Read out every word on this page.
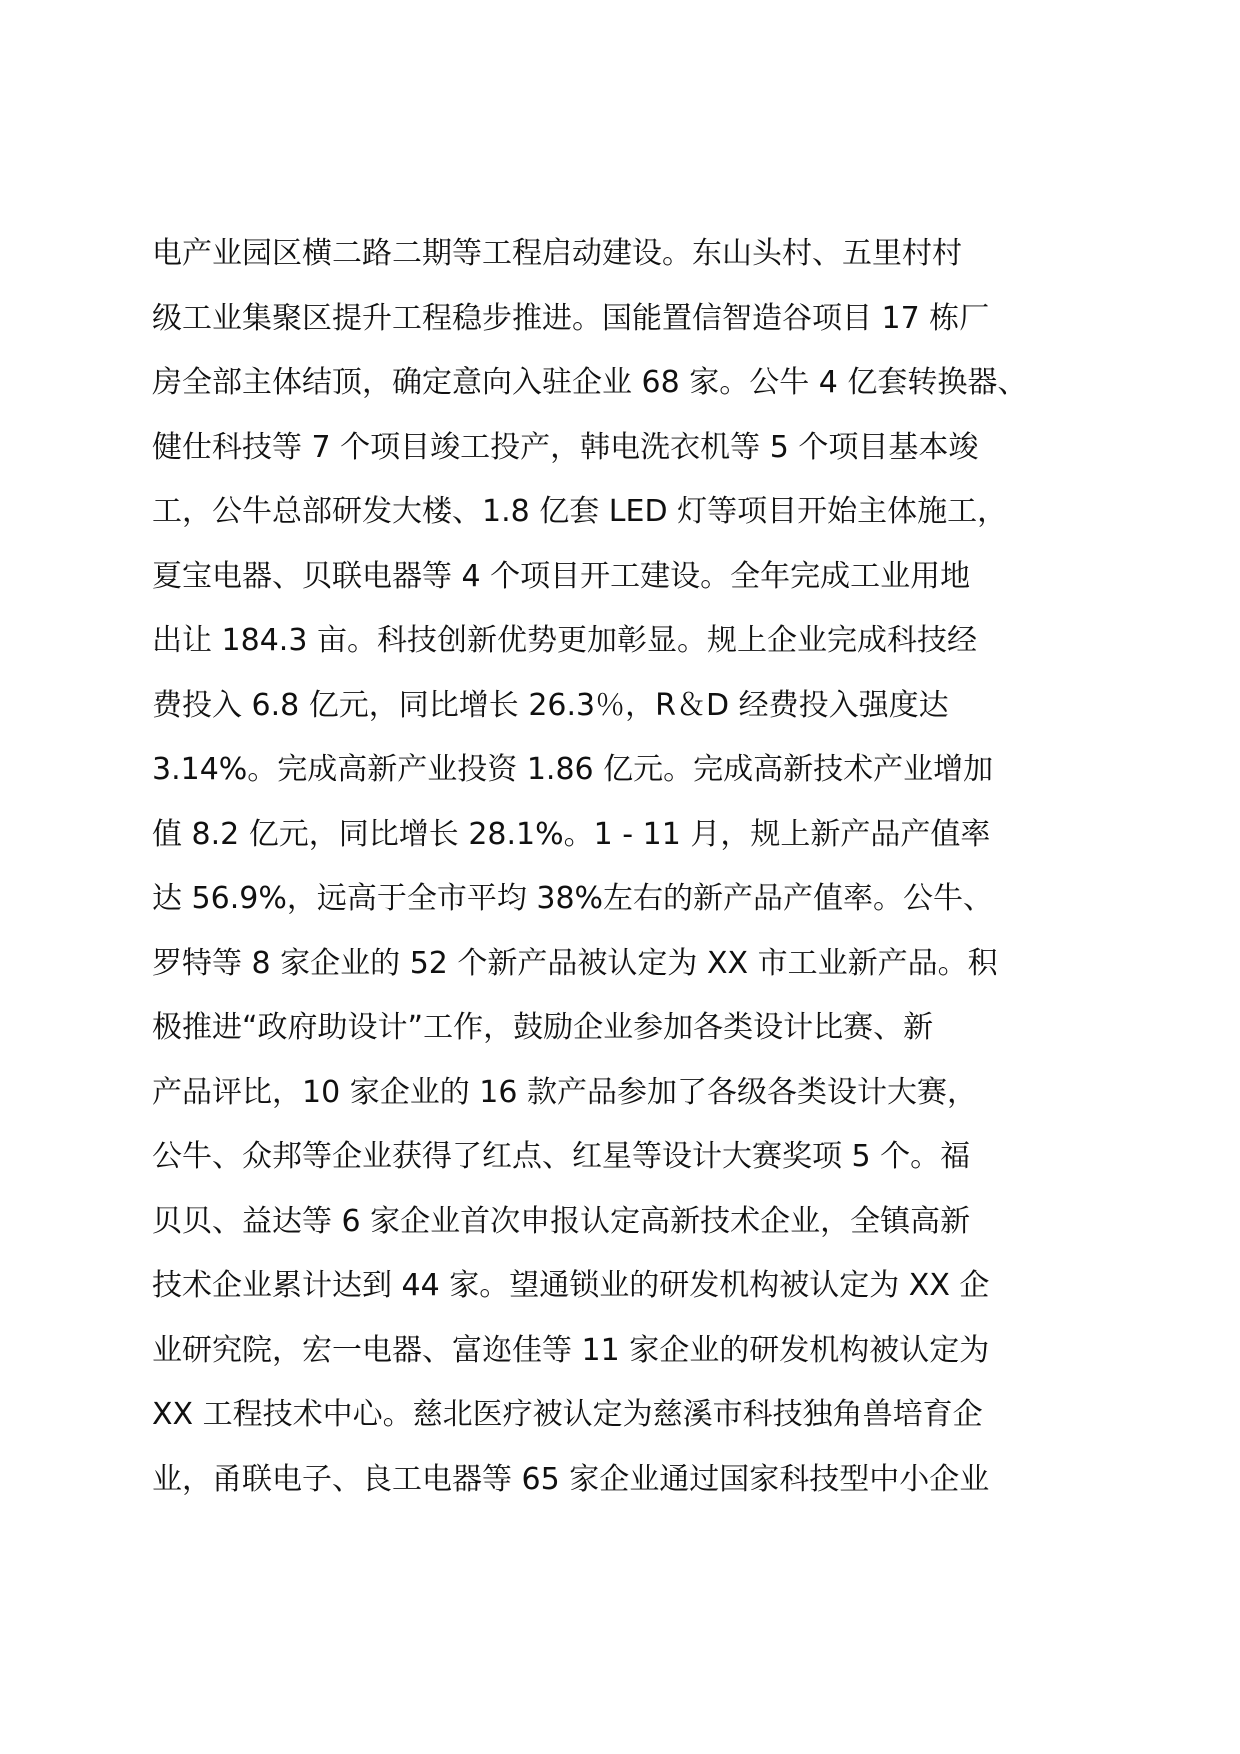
电产业园区横二路二期等工程启动建设。东山头村、五里村村
级工业集聚区提升工程稳步推进。国能置信智造谷项目 17 栋厂
房全部主体结顶，确定意向入驻企业 68 家。公牛 4 亿套转换器、
健仕科技等 7 个项目竣工投产，韩电洗衣机等 5 个项目基本竣
工，公牛总部研发大楼、1.8 亿套 LED 灯等项目开始主体施工，
夏宝电器、贝联电器等 4 个项目开工建设。全年完成工业用地
出让 184.3 亩。科技创新优势更加彰显。规上企业完成科技经
费投入 6.8 亿元，同比增长 26.3％，R＆D 经费投入强度达
3.14%。完成高新产业投资 1.86 亿元。完成高新技术产业增加
值 8.2 亿元，同比增长 28.1%。1 - 11 月，规上新产品产值率
达 56.9%，远高于全市平均 38%左右的新产品产值率。公牛、
罗特等 8 家企业的 52 个新产品被认定为 XX 市工业新产品。积
极推进“政府助设计”工作，鼓励企业参加各类设计比赛、新
产品评比，10 家企业的 16 款产品参加了各级各类设计大赛，
公牛、众邦等企业获得了红点、红星等设计大赛奖项 5 个。福
贝贝、益达等 6 家企业首次申报认定高新技术企业，全镇高新
技术企业累计达到 44 家。望通锁业的研发机构被认定为 XX 企
业研究院，宏一电器、富迩佳等 11 家企业的研发机构被认定为
XX 工程技术中心。慈北医疗被认定为慈溪市科技独角兽培育企
业，甬联电子、良工电器等 65 家企业通过国家科技型中小企业
